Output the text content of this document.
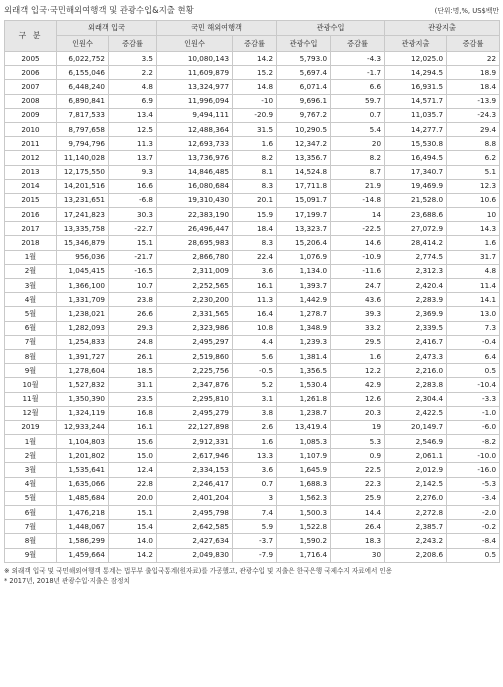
외래객 입국·국민해외여행객 및 관광수입&지출 현황	(단위:명,%, US$백만
구 분	외래객 입국		국민 해외여행객		관광수입		관광지출	
	인원수	증감률	인원수	증감률	관광수입	증감률	관광지출	증감률
2005	6,022,752	3.5	10,080,143	14.2	5,793.0	-4.3	12,025.0	22
2006	6,155,046	2.2	11,609,879	15.2	5,697.4	-1.7	14,294.5	18.9
2007	6,448,240	4.8	13,324,977	14.8	6,071.4	6.6	16,931.5	18.4
2008	6,890,841	6.9	11,996,094	-10	9,696.1	59.7	14,571.7	-13.9
2009	7,817,533	13.4	9,494,111	-20.9	9,767.2	0.7	11,035.7	-24.3
2010	8,797,658	12.5	12,488,364	31.5	10,290.5	5.4	14,277.7	29.4
2011	9,794,796	11.3	12,693,733	1.6	12,347.2	20	15,530.8	8.8
2012	11,140,028	13.7	13,736,976	8.2	13,356.7	8.2	16,494.5	6.2
2013	12,175,550	9.3	14,846,485	8.1	14,524.8	8.7	17,340.7	5.1
2014	14,201,516	16.6	16,080,684	8.3	17,711.8	21.9	19,469.9	12.3
2015	13,231,651	-6.8	19,310,430	20.1	15,091.7	-14.8	21,528.0	10.6
2016	17,241,823	30.3	22,383,190	15.9	17,199.7	14	23,688.6	10
2017	13,335,758	-22.7	26,496,447	18.4	13,323.7	-22.5	27,072.9	14.3
2018	15,346,879	15.1	28,695,983	8.3	15,206.4	14.6	28,414.2	1.6
1월	956,036	-21.7	2,866,780	22.4	1,076.9	-10.9	2,774.5	31.7
2월	1,045,415	-16.5	2,311,009	3.6	1,134.0	-11.6	2,312.3	4.8
3월	1,366,100	10.7	2,252,565	16.1	1,393.7	24.7	2,420.4	11.4
4월	1,331,709	23.8	2,230,200	11.3	1,442.9	43.6	2,283.9	14.1
5월	1,238,021	26.6	2,331,565	16.4	1,278.7	39.3	2,369.9	13.0
6월	1,282,093	29.3	2,323,986	10.8	1,348.9	33.2	2,339.5	7.3
7월	1,254,833	24.8	2,495,297	4.4	1,239.3	29.5	2,416.7	-0.4
8월	1,391,727	26.1	2,519,860	5.6	1,381.4	1.6	2,473.3	6.4
9월	1,278,604	18.5	2,225,756	-0.5	1,356.5	12.2	2,216.0	0.5
10월	1,527,832	31.1	2,347,876	5.2	1,530.4	42.9	2,283.8	-10.4
11월	1,350,390	23.5	2,295,810	3.1	1,261.8	12.6	2,304.4	-3.3
12월	1,324,119	16.8	2,495,279	3.8	1,238.7	20.3	2,422.5	-1.0
2019	12,933,244	16.1	22,127,898	2.6	13,419.4	19	20,149.7	-6.0
1월	1,104,803	15.6	2,912,331	1.6	1,085.3	5.3	2,546.9	-8.2
2월	1,201,802	15.0	2,617,946	13.3	1,107.9	0.9	2,061.1	-10.0
3월	1,535,641	12.4	2,334,153	3.6	1,645.9	22.5	2,012.9	-16.0
4월	1,635,066	22.8	2,246,417	0.7	1,688.3	22.3	2,142.5	-5.3
5월	1,485,684	20.0	2,401,204	3	1,562.3	25.9	2,276.0	-3.4
6월	1,476,218	15.1	2,495,798	7.4	1,500.3	14.4	2,272.8	-2.0
7월	1,448,067	15.4	2,642,585	5.9	1,522.8	26.4	2,385.7	-0.2
8월	1,586,299	14.0	2,427,634	-3.7	1,590.2	18.3	2,243.2	-8.4
9월	1,459,664	14.2	2,049,830	-7.9	1,716.4	30	2,208.6	0.5
※ 외래객 입국 및 국민해외여행객 통계는 법무부 출입국통계(원자료)를 가공했고, 관광수입 및 지출은 한국은행 국제수지 자료에서 인용
* 2017년, 2018년 관광수입·지출은 잠정치
